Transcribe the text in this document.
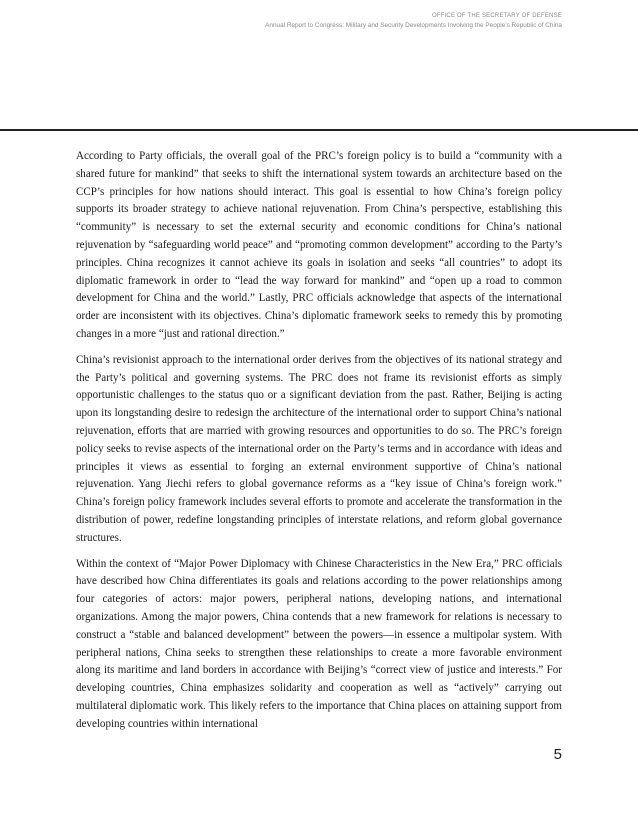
OFFICE OF THE SECRETARY OF DEFENSE
Annual Report to Congress: Military and Security Developments Involving the People’s Republic of China

According to Party officials, the overall goal of the PRC’s foreign policy is to build a “community with a shared future for mankind” that seeks to shift the international system towards an architecture based on the CCP’s principles for how nations should interact. This goal is essential to how China’s foreign policy supports its broader strategy to achieve national rejuvenation. From China’s perspective, establishing this “community” is necessary to set the external security and economic conditions for China’s national rejuvenation by “safeguarding world peace” and “promoting common development” according to the Party’s principles. China recognizes it cannot achieve its goals in isolation and seeks “all countries” to adopt its diplomatic framework in order to “lead the way forward for mankind” and “open up a road to common development for China and the world.” Lastly, PRC officials acknowledge that aspects of the international order are inconsistent with its objectives. China’s diplomatic framework seeks to remedy this by promoting changes in a more “just and rational direction.”

China’s revisionist approach to the international order derives from the objectives of its national strategy and the Party’s political and governing systems. The PRC does not frame its revisionist efforts as simply opportunistic challenges to the status quo or a significant deviation from the past. Rather, Beijing is acting upon its longstanding desire to redesign the architecture of the international order to support China’s national rejuvenation, efforts that are married with growing resources and opportunities to do so. The PRC’s foreign policy seeks to revise aspects of the international order on the Party’s terms and in accordance with ideas and principles it views as essential to forging an external environment supportive of China’s national rejuvenation. Yang Jiechi refers to global governance reforms as a “key issue of China’s foreign work.” China’s foreign policy framework includes several efforts to promote and accelerate the transformation in the distribution of power, redefine longstanding principles of interstate relations, and reform global governance structures.

Within the context of “Major Power Diplomacy with Chinese Characteristics in the New Era,” PRC officials have described how China differentiates its goals and relations according to the power relationships among four categories of actors: major powers, peripheral nations, developing nations, and international organizations. Among the major powers, China contends that a new framework for relations is necessary to construct a “stable and balanced development” between the powers—in essence a multipolar system. With peripheral nations, China seeks to strengthen these relationships to create a more favorable environment along its maritime and land borders in accordance with Beijing’s “correct view of justice and interests.” For developing countries, China emphasizes solidarity and cooperation as well as “actively” carrying out multilateral diplomatic work. This likely refers to the importance that China places on attaining support from developing countries within international

5
